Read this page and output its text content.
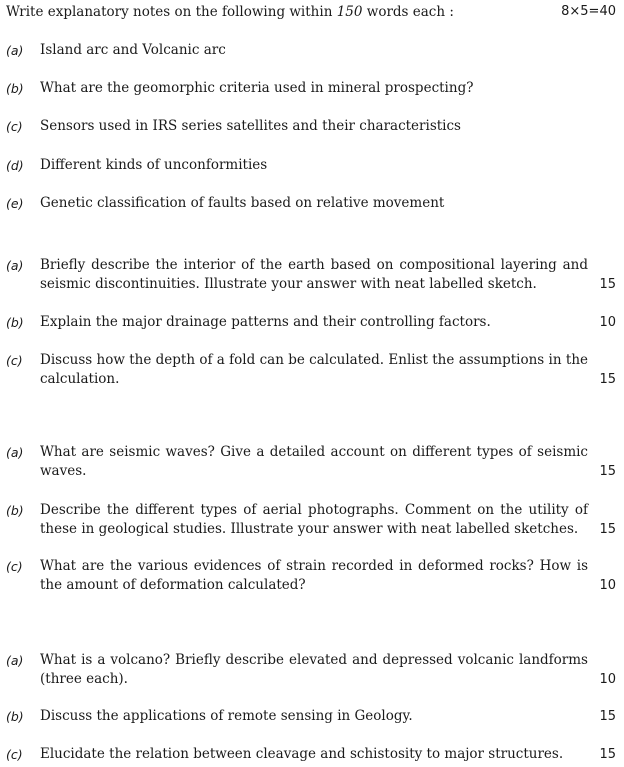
Write explanatory notes on the following within 150 words each :	8×5=40
(a) Island arc and Volcanic arc
(b) What are the geomorphic criteria used in mineral prospecting?
(c) Sensors used in IRS series satellites and their characteristics
(d) Different kinds of unconformities
(e) Genetic classification of faults based on relative movement
(a) Briefly describe the interior of the earth based on compositional layering and seismic discontinuities. Illustrate your answer with neat labelled sketch.	15
(b) Explain the major drainage patterns and their controlling factors.	10
(c) Discuss how the depth of a fold can be calculated. Enlist the assumptions in the calculation.	15
(a) What are seismic waves? Give a detailed account on different types of seismic waves.	15
(b) Describe the different types of aerial photographs. Comment on the utility of these in geological studies. Illustrate your answer with neat labelled sketches.	15
(c) What are the various evidences of strain recorded in deformed rocks? How is the amount of deformation calculated?	10
(a) What is a volcano? Briefly describe elevated and depressed volcanic landforms (three each).	10
(b) Discuss the applications of remote sensing in Geology.	15
(c) Elucidate the relation between cleavage and schistosity to major structures.	15
